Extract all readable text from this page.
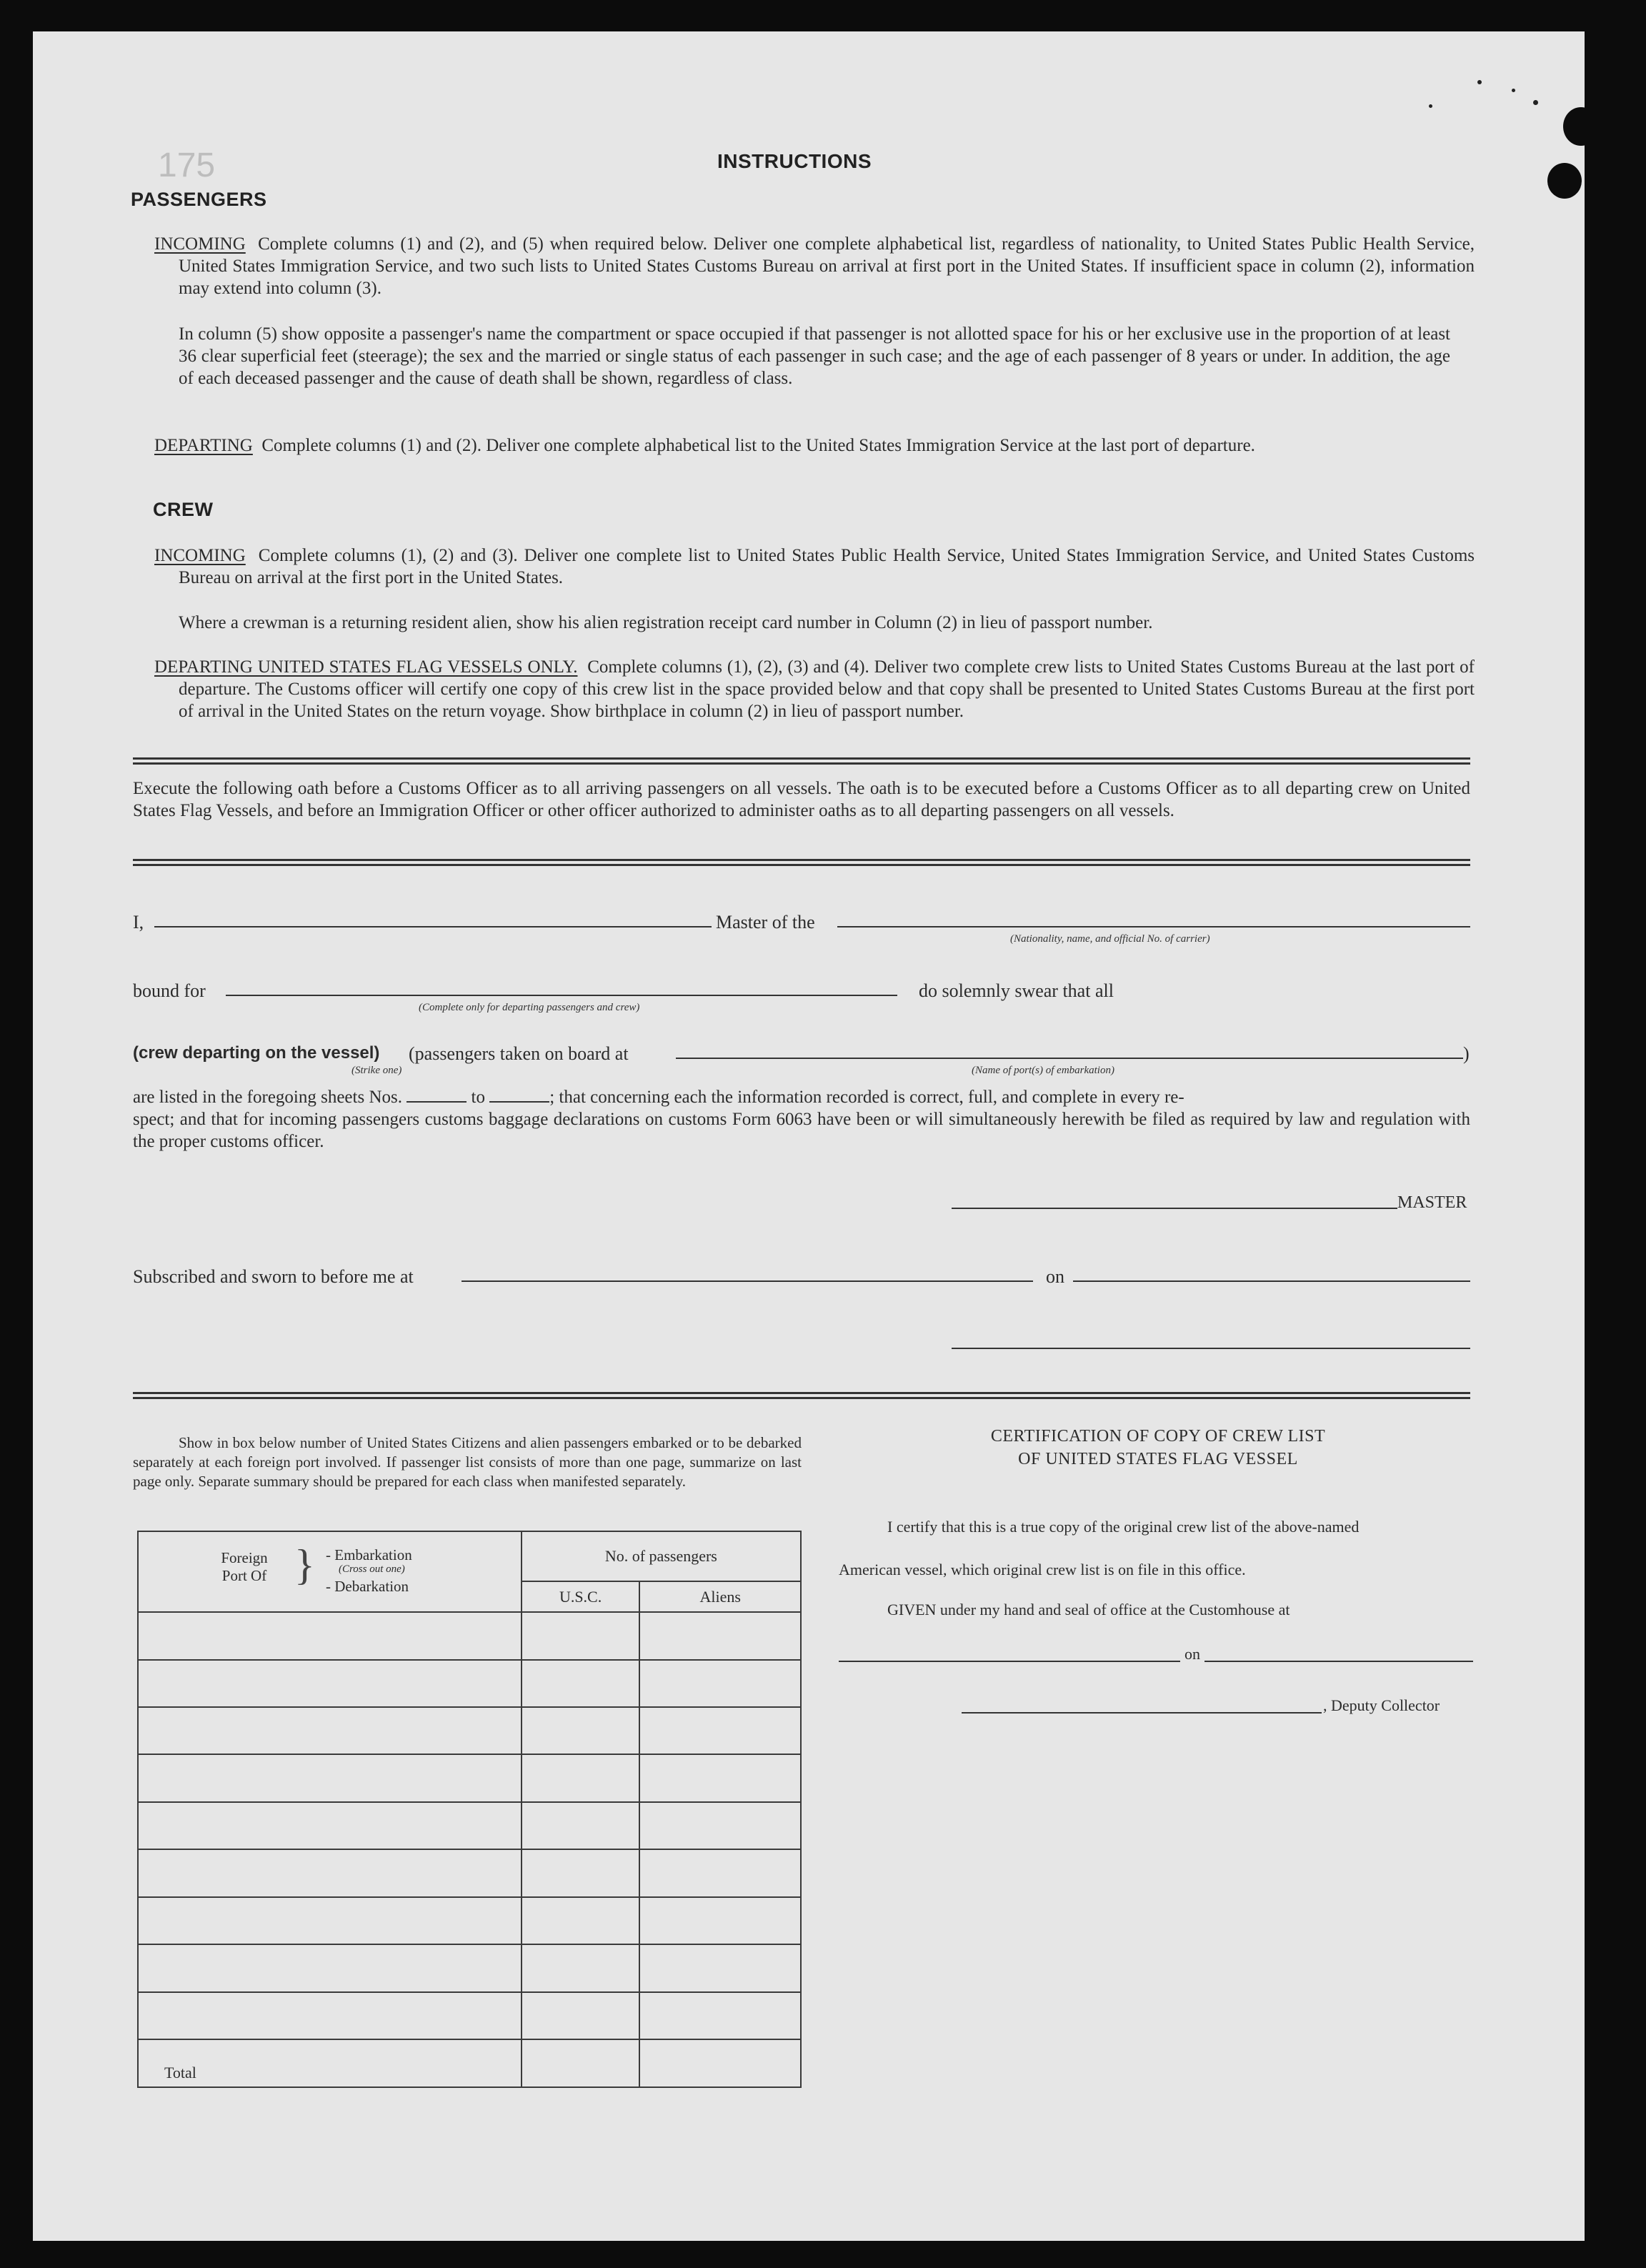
175	INSTRUCTIONS
PASSENGERS

INCOMING Complete columns (1) and (2), and (5) when required below. Deliver one complete alphabetical list, regardless of nationality, to United States Public Health Service, United States Immigration Service, and two such lists to United States Customs Bureau on arrival at first port in the United States. If insufficient space in column (2), information may extend into column (3).

In column (5) show opposite a passenger's name the compartment or space occupied if that passenger is not allotted space for his or her exclusive use in the proportion of at least 36 clear superficial feet (steerage); the sex and the married or single status of each passenger in such case; and the age of each passenger of 8 years or under. In addition, the age of each deceased passenger and the cause of death shall be shown, regardless of class.

DEPARTING Complete columns (1) and (2). Deliver one complete alphabetical list to the United States Immigration Service at the last port of departure.

CREW

INCOMING Complete columns (1), (2) and (3). Deliver one complete list to United States Public Health Service, United States Immigration Service, and United States Customs Bureau on arrival at the first port in the United States.

Where a crewman is a returning resident alien, show his alien registration receipt card number in Column (2) in lieu of passport number.

DEPARTING UNITED STATES FLAG VESSELS ONLY. Complete columns (1), (2), (3) and (4). Deliver two complete crew lists to United States Customs Bureau at the last port of departure. The Customs officer will certify one copy of this crew list in the space provided below and that copy shall be presented to United States Customs Bureau at the first port of arrival in the United States on the return voyage. Show birthplace in column (2) in lieu of passport number.

Execute the following oath before a Customs Officer as to all arriving passengers on all vessels. The oath is to be executed before a Customs Officer as to all departing crew on United States Flag Vessels, and before an Immigration Officer or other officer authorized to administer oaths as to all departing passengers on all vessels.

I,	Master of the
(Nationality, name, and official No. of carrier)
bound for
(Complete only for departing passengers and crew)
do solemnly swear that all
(crew departing on the vessel) (passengers taken on board at	)
(Strike one)	(Name of port(s) of embarkation)

are listed in the foregoing sheets Nos.	to	; that concerning each the information recorded is correct, full, and complete in every re-

spect; and that for incoming passengers customs baggage declarations on customs Form 6063 have been or will simultaneously herewith be filed as required by law and regulation with the proper customs officer.

MASTER
Subscribed and sworn to before me at	on

Show in box below number of United States Citizens and alien passengers embarked or to be debarked separately at each foreign port involved. If passenger list consists of more than one page, summarize on last page only. Separate summary should be prepared for each class when manifested separately.

Foreign Port Of } - Embarkation
(Cross out one)
- Debarkation	No. of passengers	
	U.S.C.	Aliens

Total		
CERTIFICATION OF COPY OF CREW LIST
OF UNITED STATES FLAG VESSEL
I certify that this is a true copy of the original crew list of the above-named
American vessel, which original crew list is on file in this office.
GIVEN under my hand and seal of office at the Customhouse at
on
, Deputy Collector
